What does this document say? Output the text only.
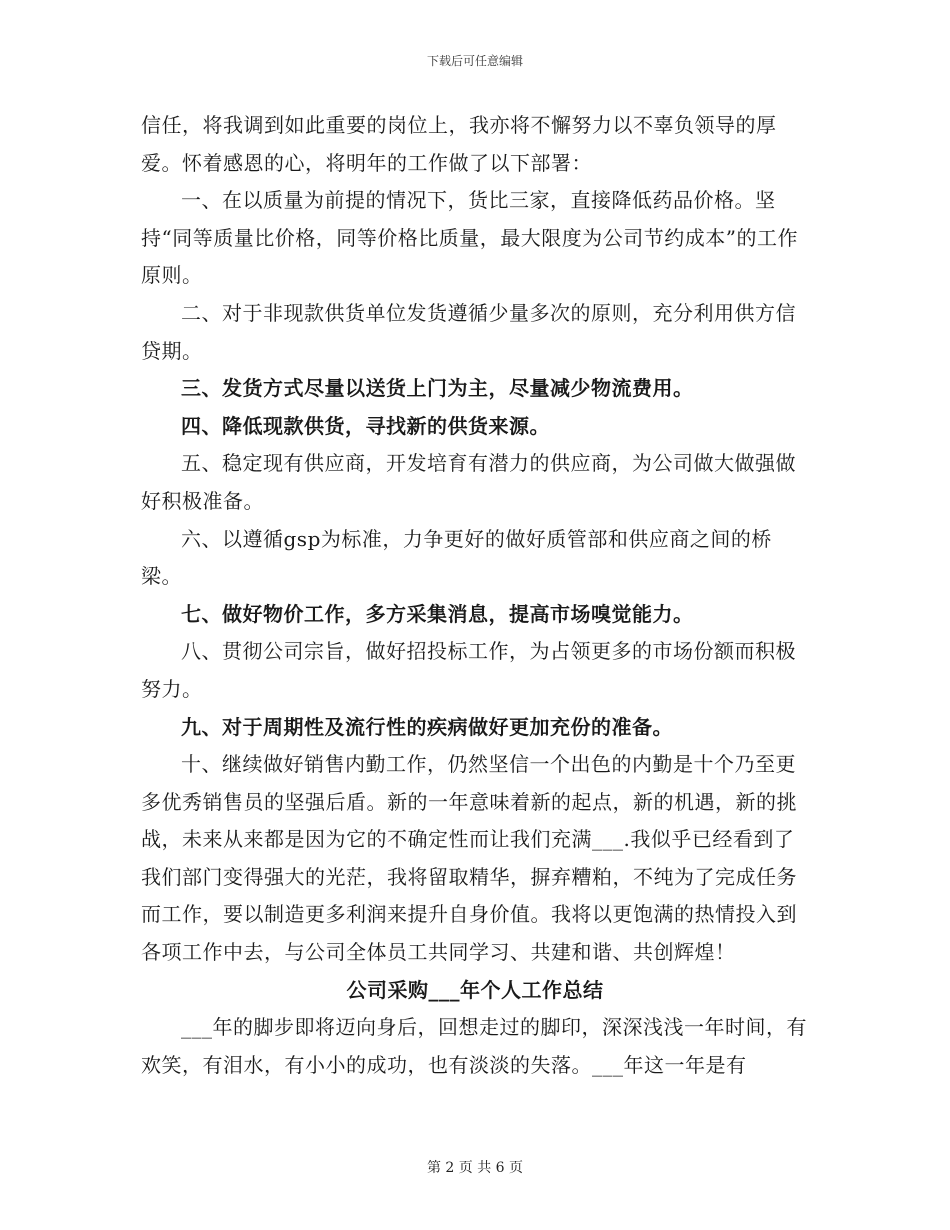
下载后可任意编辑

信任，将我调到如此重要的岗位上，我亦将不懈努力以不辜负领导的厚爱。怀着感恩的心，将明年的工作做了以下部署：

一、在以质量为前提的情况下，货比三家，直接降低药品价格。坚持“同等质量比价格，同等价格比质量，最大限度为公司节约成本”的工作原则。

二、对于非现款供货单位发货遵循少量多次的原则，充分利用供方信贷期。

三、发货方式尽量以送货上门为主，尽量减少物流费用。

四、降低现款供货，寻找新的供货来源。

五、稳定现有供应商，开发培育有潜力的供应商，为公司做大做强做好积极准备。

六、以遵循gsp为标准，力争更好的做好质管部和供应商之间的桥梁。

七、做好物价工作，多方采集消息，提高市场嗅觉能力。

八、贯彻公司宗旨，做好招投标工作，为占领更多的市场份额而积极努力。

九、对于周期性及流行性的疾病做好更加充份的准备。

十、继续做好销售内勤工作，仍然坚信一个出色的内勤是十个乃至更多优秀销售员的坚强后盾。新的一年意味着新的起点，新的机遇，新的挑战，未来从来都是因为它的不确定性而让我们充满___.我似乎已经看到了我们部门变得强大的光茫，我将留取精华，摒弃糟粕，不纯为了完成任务而工作，要以制造更多利润来提升自身价值。我将以更饱满的热情投入到各项工作中去，与公司全体员工共同学习、共建和谐、共创辉煌！

公司采购___年个人工作总结

___年的脚步即将迈向身后，回想走过的脚印，深深浅浅一年时间，有欢笑，有泪水，有小小的成功，也有淡淡的失落。___年这一年是有

第 2 页 共 6 页
